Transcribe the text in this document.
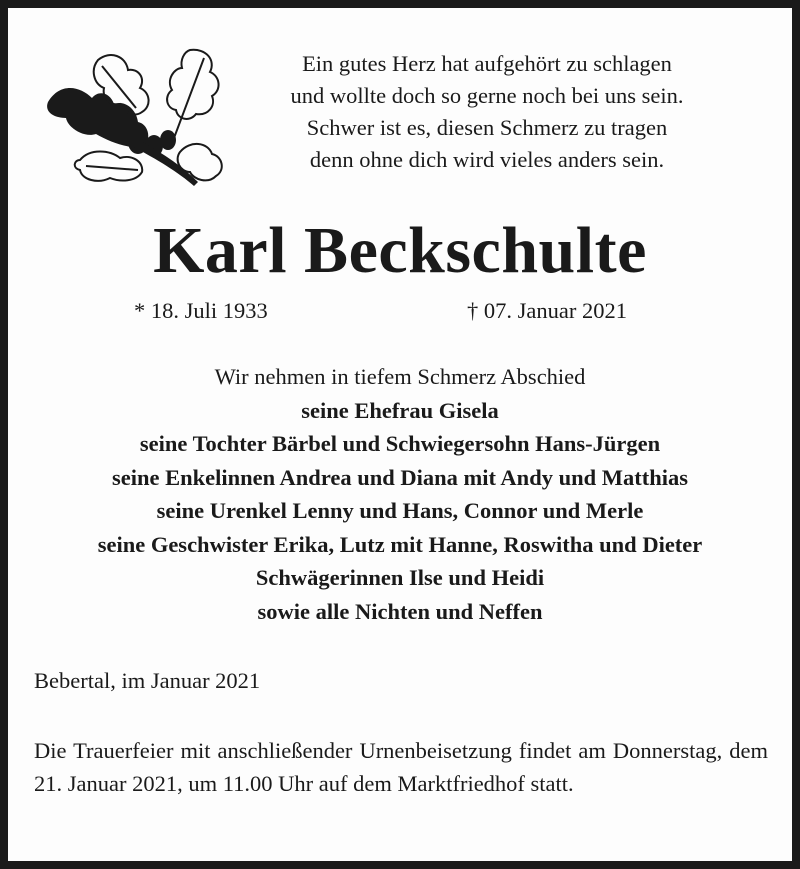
Ein gutes Herz hat aufgehört zu schlagen
und wollte doch so gerne noch bei uns sein.
Schwer ist es, diesen Schmerz zu tragen
denn ohne dich wird vieles anders sein.
Karl Beckschulte
* 18. Juli 1933	† 07. Januar 2021
Wir nehmen in tiefem Schmerz Abschied
seine Ehefrau Gisela
seine Tochter Bärbel und Schwiegersohn Hans-Jürgen
seine Enkelinnen Andrea und Diana mit Andy und Matthias
seine Urenkel Lenny und Hans, Connor und Merle
seine Geschwister Erika, Lutz mit Hanne, Roswitha und Dieter
Schwägerinnen Ilse und Heidi
sowie alle Nichten und Neffen
Bebertal, im Januar 2021
Die Trauerfeier mit anschließender Urnenbeisetzung findet am Donnerstag, dem 21. Januar 2021, um 11.00 Uhr auf dem Marktfriedhof statt.
